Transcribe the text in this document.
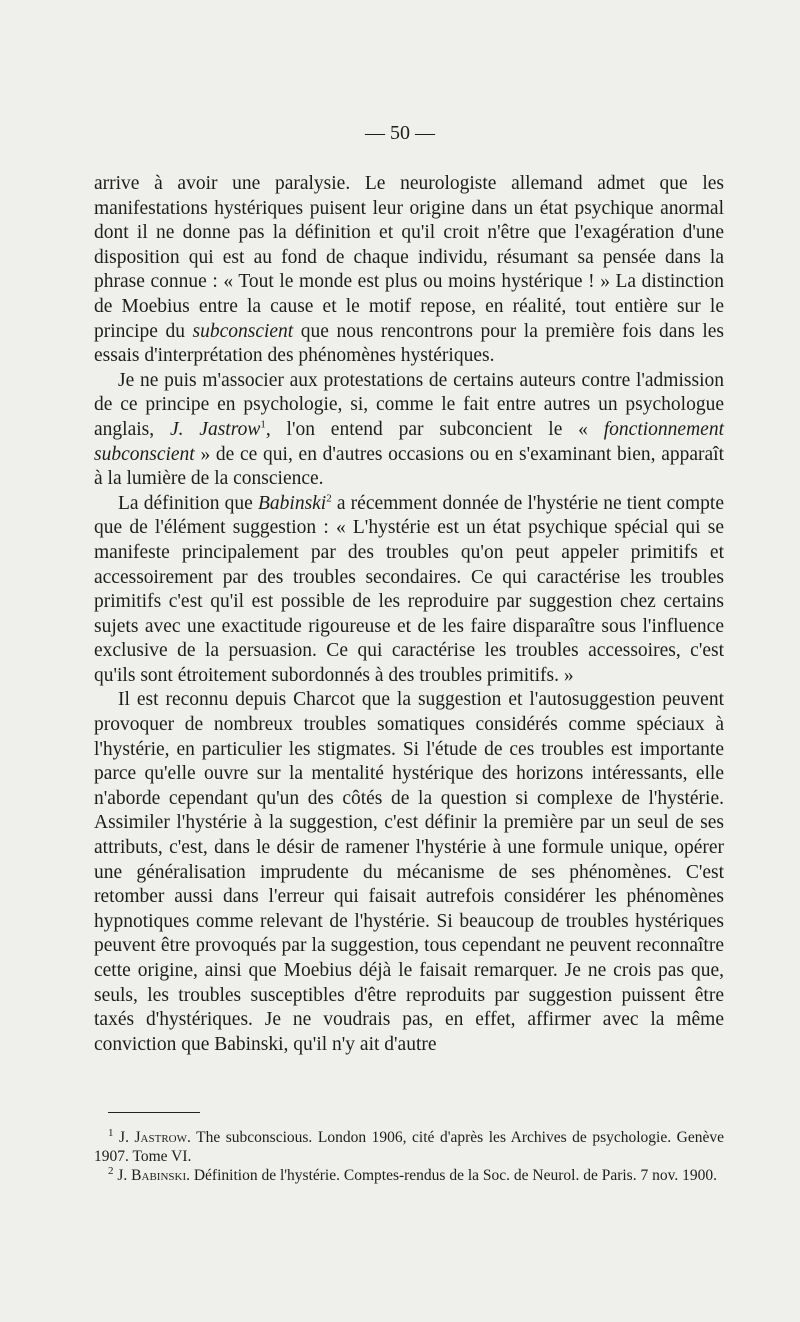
— 50 —

arrive à avoir une paralysie. Le neurologiste allemand admet que les manifestations hystériques puisent leur origine dans un état psychique anormal dont il ne donne pas la définition et qu'il croit n'être que l'exagération d'une disposition qui est au fond de chaque individu, résumant sa pensée dans la phrase connue : « Tout le monde est plus ou moins hystérique ! » La distinction de Moebius entre la cause et le motif repose, en réalité, tout entière sur le principe du subconscient que nous rencontrons pour la première fois dans les essais d'interprétation des phénomènes hystériques.

Je ne puis m'associer aux protestations de certains auteurs contre l'admission de ce principe en psychologie, si, comme le fait entre autres un psychologue anglais, J. Jastrow$^1$, l'on entend par subconcient le « fonctionnement subconscient » de ce qui, en d'autres occasions ou en s'examinant bien, apparaît à la lumière de la conscience.

La définition que Babinski$^2$ a récemment donnée de l'hystérie ne tient compte que de l'élément suggestion : « L'hystérie est un état psychique spécial qui se manifeste principalement par des troubles qu'on peut appeler primitifs et accessoirement par des troubles secondaires. Ce qui caractérise les troubles primitifs c'est qu'il est possible de les reproduire par suggestion chez certains sujets avec une exactitude rigoureuse et de les faire disparaître sous l'influence exclusive de la persuasion. Ce qui caractérise les troubles accessoires, c'est qu'ils sont étroitement subordonnés à des troubles primitifs. »

Il est reconnu depuis Charcot que la suggestion et l'autosuggestion peuvent provoquer de nombreux troubles somatiques considérés comme spéciaux à l'hystérie, en particulier les stigmates. Si l'étude de ces troubles est importante parce qu'elle ouvre sur la mentalité hystérique des horizons intéressants, elle n'aborde cependant qu'un des côtés de la question si complexe de l'hystérie. Assimiler l'hystérie à la suggestion, c'est définir la première par un seul de ses attributs, c'est, dans le désir de ramener l'hystérie à une formule unique, opérer une généralisation imprudente du mécanisme de ses phénomènes. C'est retomber aussi dans l'erreur qui faisait autrefois considérer les phénomènes hypnotiques comme relevant de l'hystérie. Si beaucoup de troubles hystériques peuvent être provoqués par la suggestion, tous cependant ne peuvent reconnaître cette origine, ainsi que Moebius déjà le faisait remarquer. Je ne crois pas que, seuls, les troubles susceptibles d'être reproduits par suggestion puissent être taxés d'hystériques. Je ne voudrais pas, en effet, affirmer avec la même conviction que Babinski, qu'il n'y ait d'autre

$^1$ J. Jastrow. The subconscious. London 1906, cité d'après les Archives de psychologie. Genève 1907. Tome VI.

$^2$ J. Babinski. Définition de l'hystérie. Comptes-rendus de la Soc. de Neurol. de Paris. 7 nov. 1900.
